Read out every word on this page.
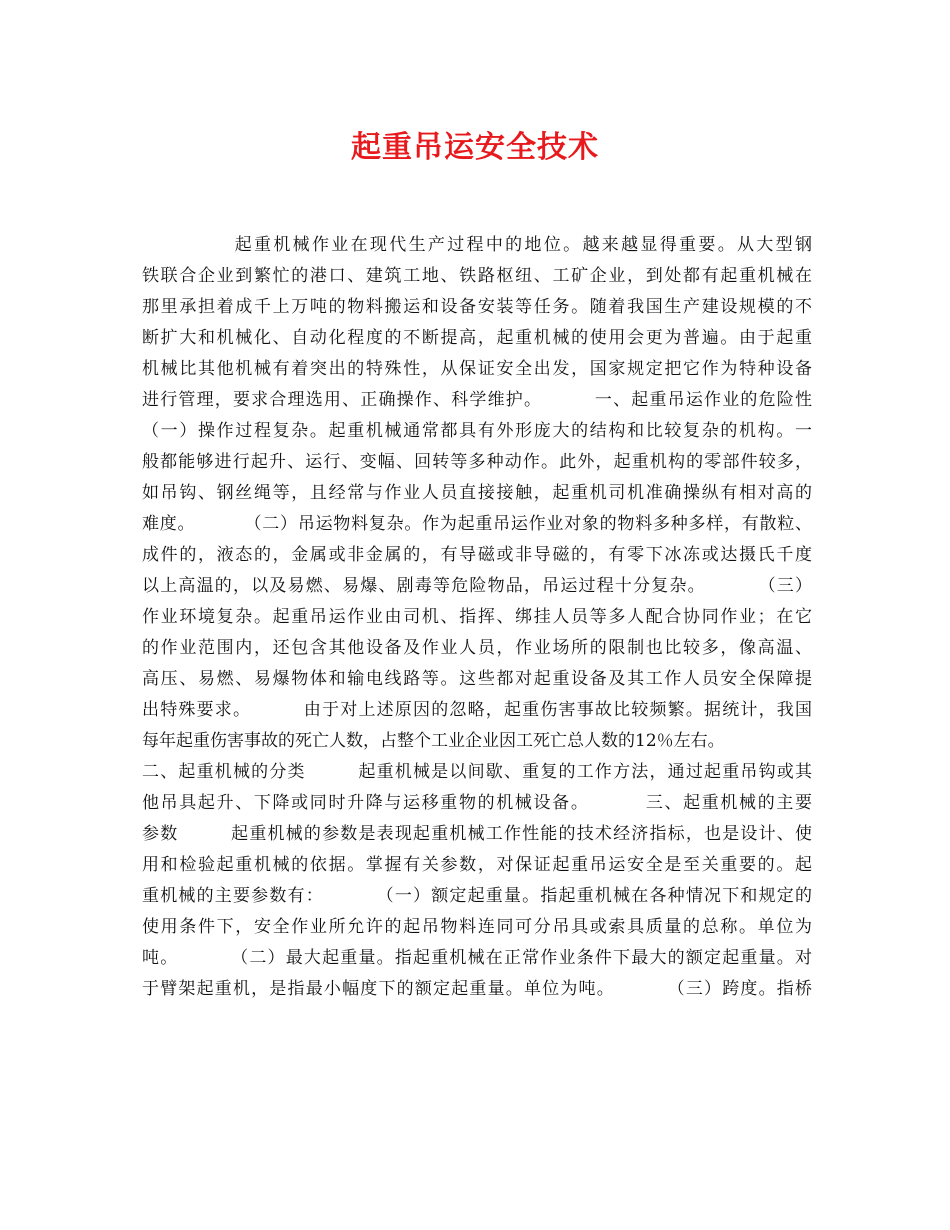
起重吊运安全技术
起重机械作业在现代生产过程中的地位。越来越显得重要。从大型钢
铁联合企业到繁忙的港口、建筑工地、铁路枢纽、工矿企业，到处都有起重机械在
那里承担着成千上万吨的物料搬运和设备安装等任务。随着我国生产建设规模的不
断扩大和机械化、自动化程度的不断提高，起重机械的使用会更为普遍。由于起重
机械比其他机械有着突出的特殊性，从保证安全出发，国家规定把它作为特种设备
进行管理，要求合理选用、正确操作、科学维护。        一、起重吊运作业的危险性
（一）操作过程复杂。起重机械通常都具有外形庞大的结构和比较复杂的机构。一
般都能够进行起升、运行、变幅、回转等多种动作。此外，起重机构的零部件较多，
如吊钩、钢丝绳等，且经常与作业人员直接接触，起重机司机准确操纵有相对高的
难度。        （二）吊运物料复杂。作为起重吊运作业对象的物料多种多样，有散粒、
成件的，液态的，金属或非金属的，有导磁或非导磁的，有零下冰冻或达摄氏千度
以上高温的，以及易燃、易爆、剧毒等危险物品，吊运过程十分复杂。        （三）
作业环境复杂。起重吊运作业由司机、指挥、绑挂人员等多人配合协同作业；在它
的作业范围内，还包含其他设备及作业人员，作业场所的限制也比较多，像高温、
高压、易燃、易爆物体和输电线路等。这些都对起重设备及其工作人员安全保障提
出特殊要求。        由于对上述原因的忽略，起重伤害事故比较频繁。据统计，我国
每年起重伤害事故的死亡人数，占整个工业企业因工死亡总人数的12％左右。
二、起重机械的分类        起重机械是以间歇、重复的工作方法，通过起重吊钩或其
他吊具起升、下降或同时升降与运移重物的机械设备。        三、起重机械的主要
参数        起重机械的参数是表现起重机械工作性能的技术经济指标，也是设计、使
用和检验起重机械的依据。掌握有关参数，对保证起重吊运安全是至关重要的。起
重机械的主要参数有：        （一）额定起重量。指起重机械在各种情况下和规定的
使用条件下，安全作业所允许的起吊物料连同可分吊具或索具质量的总称。单位为
吨。        （二）最大起重量。指起重机械在正常作业条件下最大的额定起重量。对
于臂架起重机，是指最小幅度下的额定起重量。单位为吨。        （三）跨度。指桥
